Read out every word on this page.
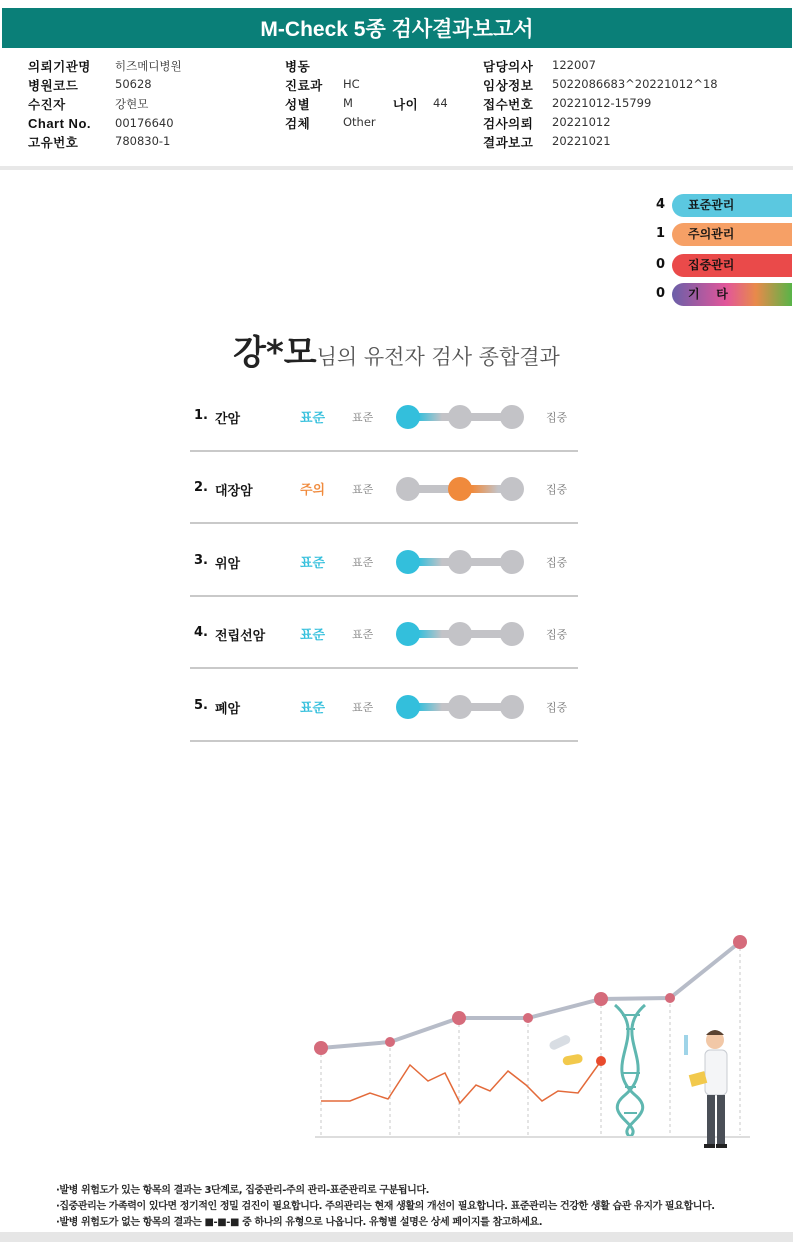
M-Check 5종 검사결과보고서
의뢰기관명 히즈메디병원
병원코드	50628
수진자	강현모
Chart No. 00176640
고유번호	780830-1
병동
진료과 HC
성별	M	나이 44
검체	Other
담당의사 122007
임상정보 5022086683^20221012^18
접수번호 20221012-15799
검사의뢰 20221012
결과보고 20221021
4	표준관리
1	주의관리
0	집중관리
0	기    타
강*모님의 유전자 검사 종합결과
1. 간암	표준 표준	집중
2. 대장암	주의 표준	집중
3. 위암	표준 표준	집중
4. 전립선암	표준 표준	집중
5. 폐암	표준 표준	집중
·발병 위험도가 있는 항목의 결과는 3단계로, 집중관리-주의 관리-표준관리로 구분됩니다.
·집중관리는 가족력이 있다면 정기적인 정밀 검진이 필요합니다. 주의관리는 현재 생활의 개선이 필요합니다. 표준관리는 건강한 생활 습관 유지가 필요합니다.
·발병 위험도가 없는 항목의 결과는 ■-■-■ 중 하나의 유형으로 나옵니다. 유형별 설명은 상세 페이지를 참고하세요.
